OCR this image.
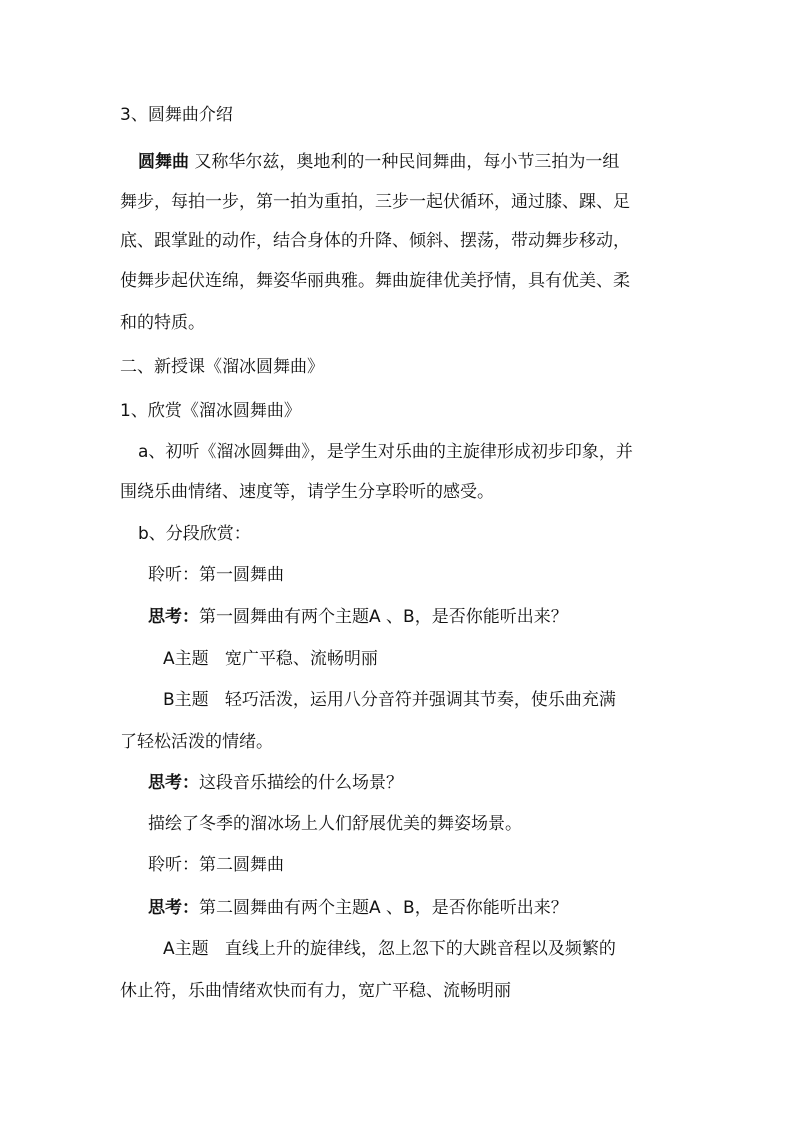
3、圆舞曲介绍
圆舞曲 又称华尔兹，奥地利的一种民间舞曲，每小节三拍为一组
舞步，每拍一步，第一拍为重拍，三步一起伏循环，通过膝、踝、足
底、跟掌趾的动作，结合身体的升降、倾斜、摆荡，带动舞步移动，
使舞步起伏连绵，舞姿华丽典雅。舞曲旋律优美抒情，具有优美、柔
和的特质。
二、新授课《溜冰圆舞曲》
1、欣赏《溜冰圆舞曲》
a、初听《溜冰圆舞曲》，是学生对乐曲的主旋律形成初步印象，并
围绕乐曲情绪、速度等，请学生分享聆听的感受。
b、分段欣赏：
聆听：第一圆舞曲
思考：第一圆舞曲有两个主题A 、B，是否你能听出来？
A主题   宽广平稳、流畅明丽
B主题   轻巧活泼，运用八分音符并强调其节奏，使乐曲充满
了轻松活泼的情绪。
思考：这段音乐描绘的什么场景？
描绘了冬季的溜冰场上人们舒展优美的舞姿场景。
聆听：第二圆舞曲
思考：第二圆舞曲有两个主题A 、B，是否你能听出来？
A主题   直线上升的旋律线，忽上忽下的大跳音程以及频繁的
休止符，乐曲情绪欢快而有力，宽广平稳、流畅明丽
